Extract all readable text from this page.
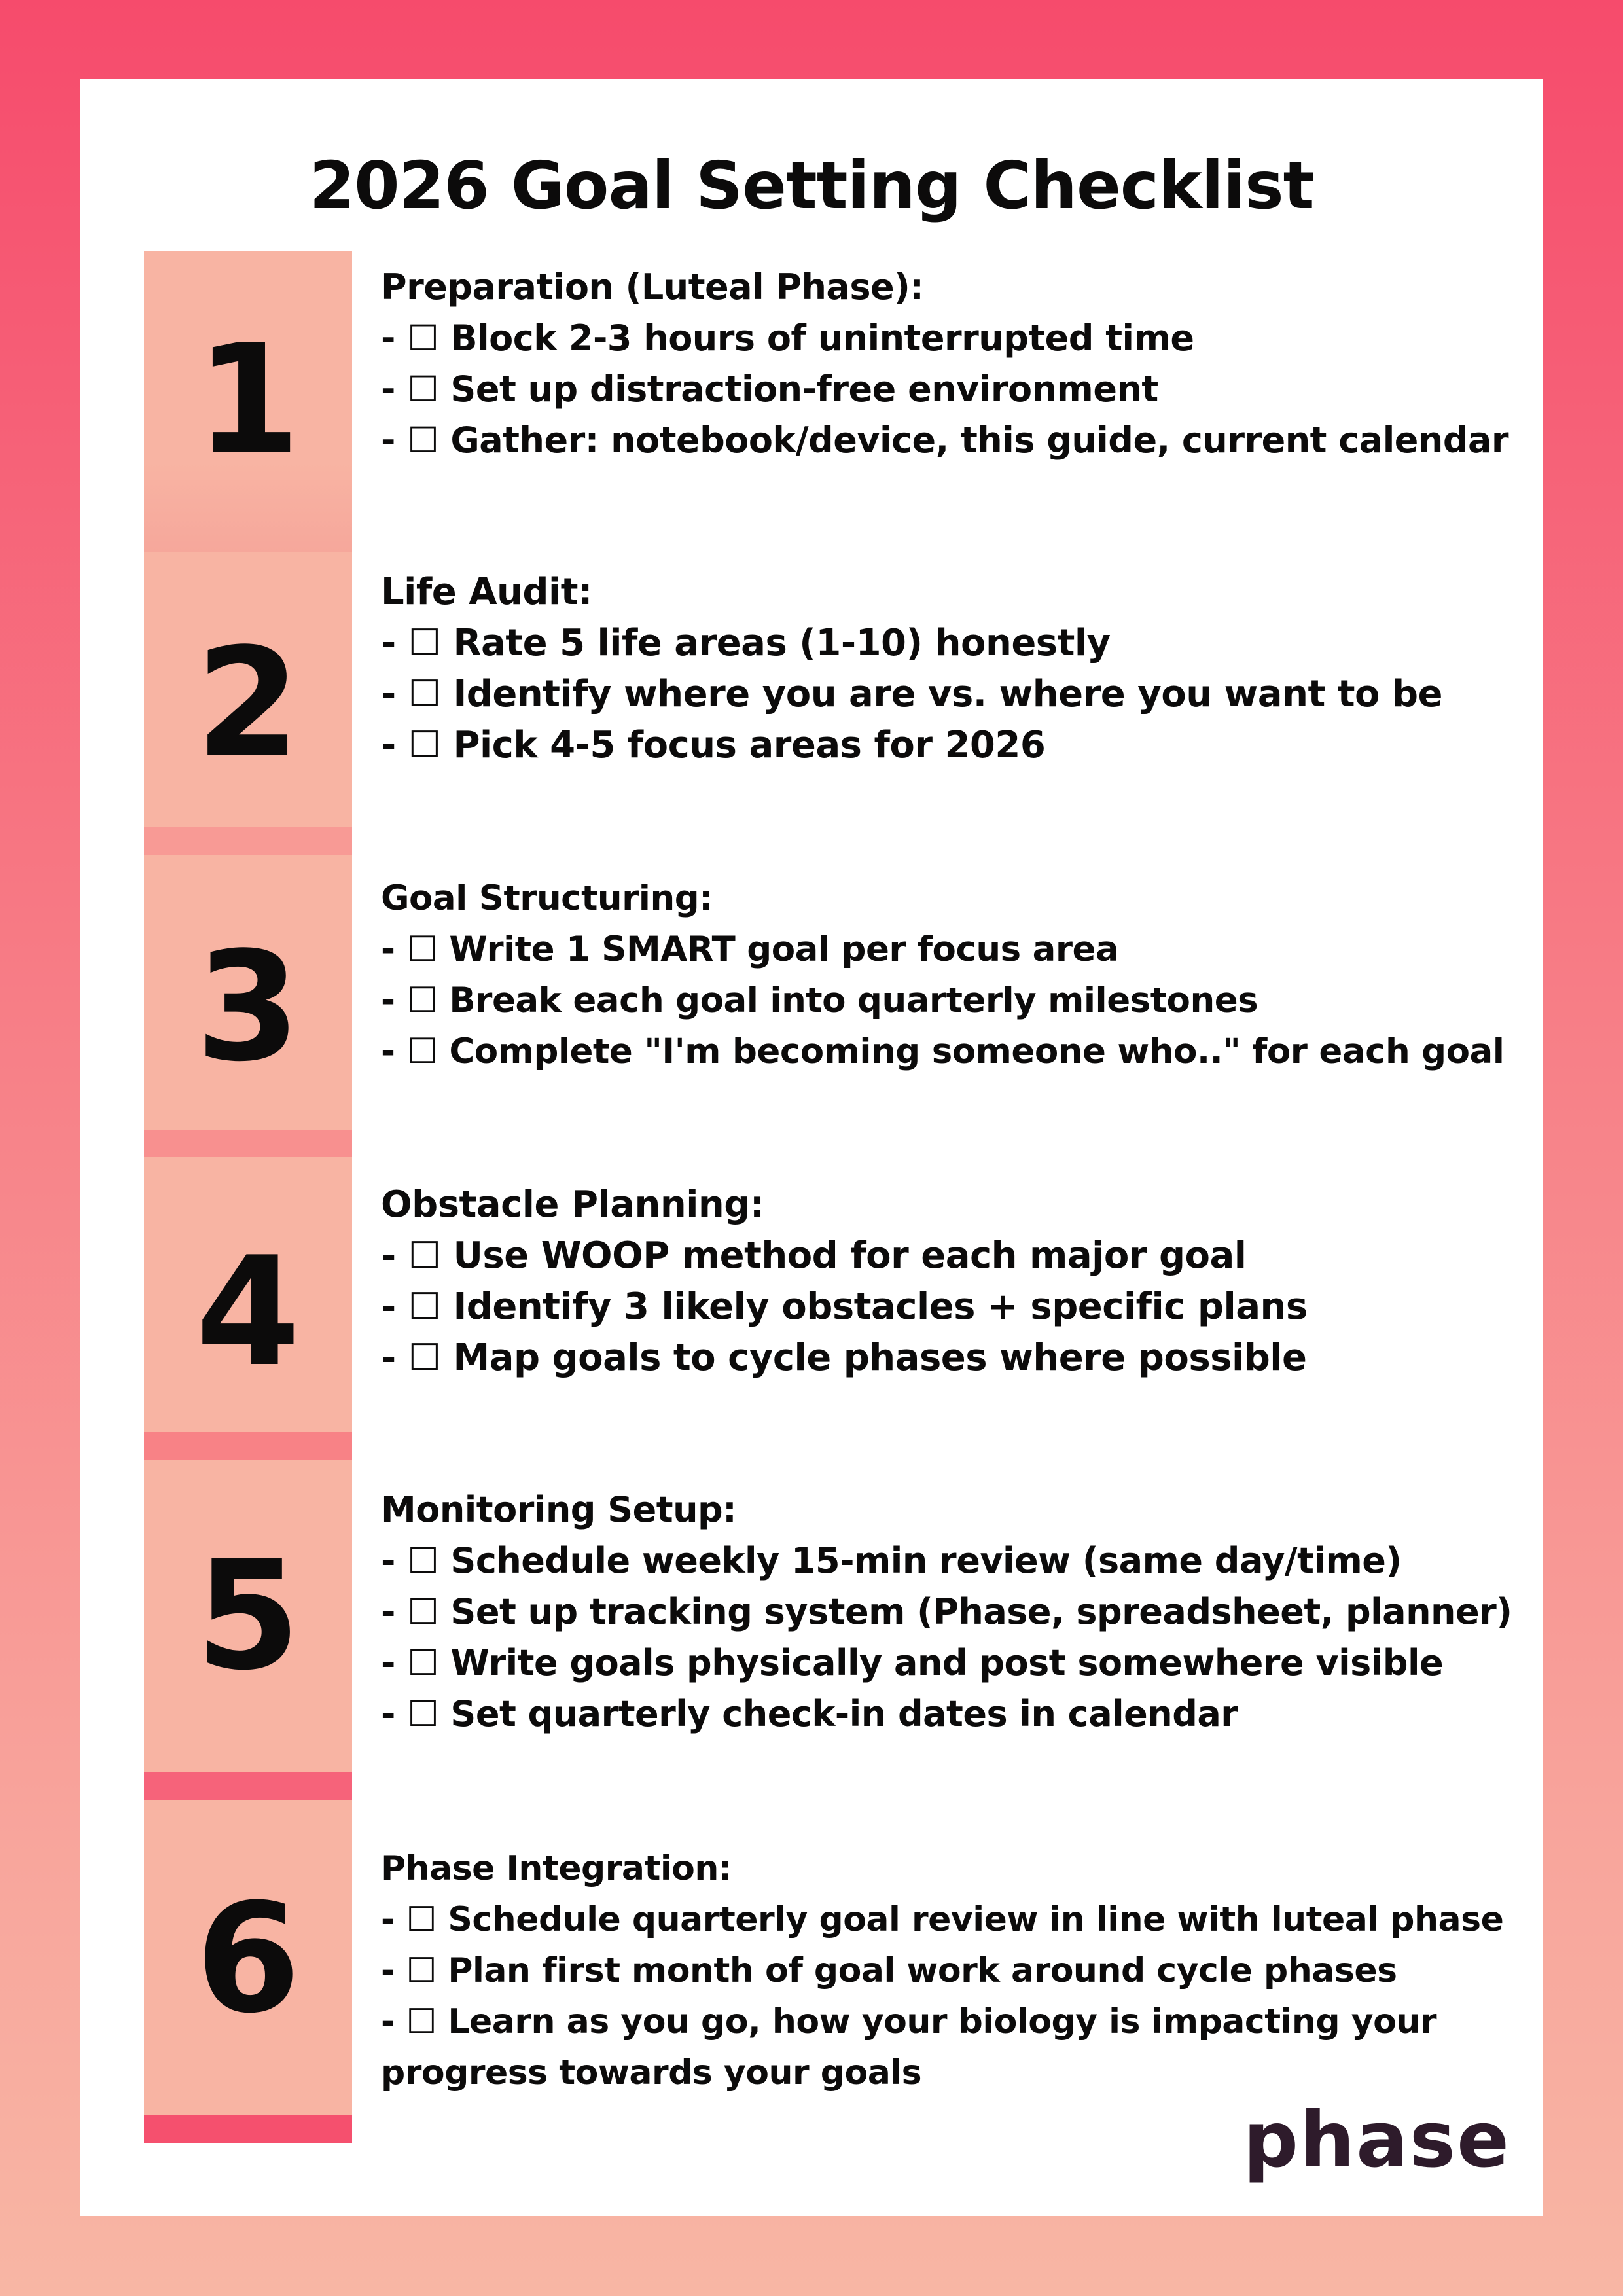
2026 Goal Setting Checklist
1
2
3
4
5
6
Preparation (Luteal Phase):
- ☐ Block 2-3 hours of uninterrupted time
- ☐ Set up distraction-free environment
- ☐ Gather: notebook/device, this guide, current calendar
Life Audit:
- ☐ Rate 5 life areas (1-10) honestly
- ☐ Identify where you are vs. where you want to be
- ☐ Pick 4-5 focus areas for 2026
Goal Structuring:
- ☐ Write 1 SMART goal per focus area
- ☐ Break each goal into quarterly milestones
- ☐ Complete "I'm becoming someone who.." for each goal
Obstacle Planning:
- ☐ Use WOOP method for each major goal
- ☐ Identify 3 likely obstacles + specific plans
- ☐ Map goals to cycle phases where possible
Monitoring Setup:
- ☐ Schedule weekly 15-min review (same day/time)
- ☐ Set up tracking system (Phase, spreadsheet, planner)
- ☐ Write goals physically and post somewhere visible
- ☐ Set quarterly check-in dates in calendar
Phase Integration:
- ☐ Schedule quarterly goal review in line with luteal phase
- ☐ Plan first month of goal work around cycle phases
- ☐ Learn as you go, how your biology is impacting your progress towards your goals
phase
